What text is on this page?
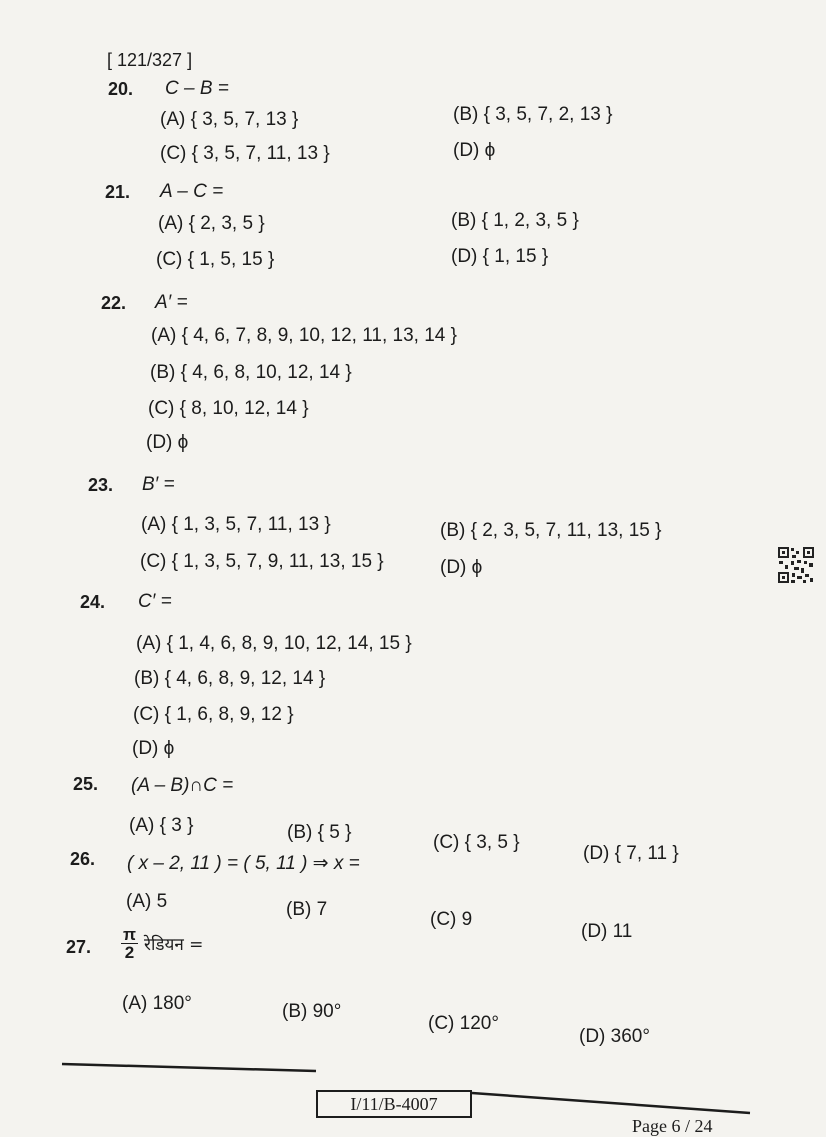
[ 121/327 ]
20. C – B =
(A) { 3, 5, 7, 13 }	(B) { 3, 5, 7, 2, 13 }
(C) { 3, 5, 7, 11, 13 }	(D) ϕ
21. A – C =
(A) { 2, 3, 5 }	(B) { 1, 2, 3, 5 }
(C) { 1, 5, 15 }	(D) { 1, 15 }
22. A′ =
(A) { 4, 6, 7, 8, 9, 10, 12, 11, 13, 14 }
(B) { 4, 6, 8, 10, 12, 14 }
(C) { 8, 10, 12, 14 }
(D) ϕ
23. B′ =
(A) { 1, 3, 5, 7, 11, 13 }	(B) { 2, 3, 5, 7, 11, 13, 15 }
(C) { 1, 3, 5, 7, 9, 11, 13, 15 }	(D) ϕ
24. C′ =
(A) { 1, 4, 6, 8, 9, 10, 12, 14, 15 }
(B) { 4, 6, 8, 9, 12, 14 }
(C) { 1, 6, 8, 9, 12 }
(D) ϕ
25. (A – B)∩C =
(A) { 3 }	(B) { 5 }	(C) { 3, 5 }
(D) { 7, 11 }
26. ( x – 2, 11 ) = ( 5, 11 ) ⇒ x =
(A) 5	(B) 7	(C) 9
(D) 11
27. $\frac{\pi}{2}$ रेडियन =
(A) 180°	(B) 90°
(C) 120°
(D) 360°
I/11/B-4007
Page 6 / 24
